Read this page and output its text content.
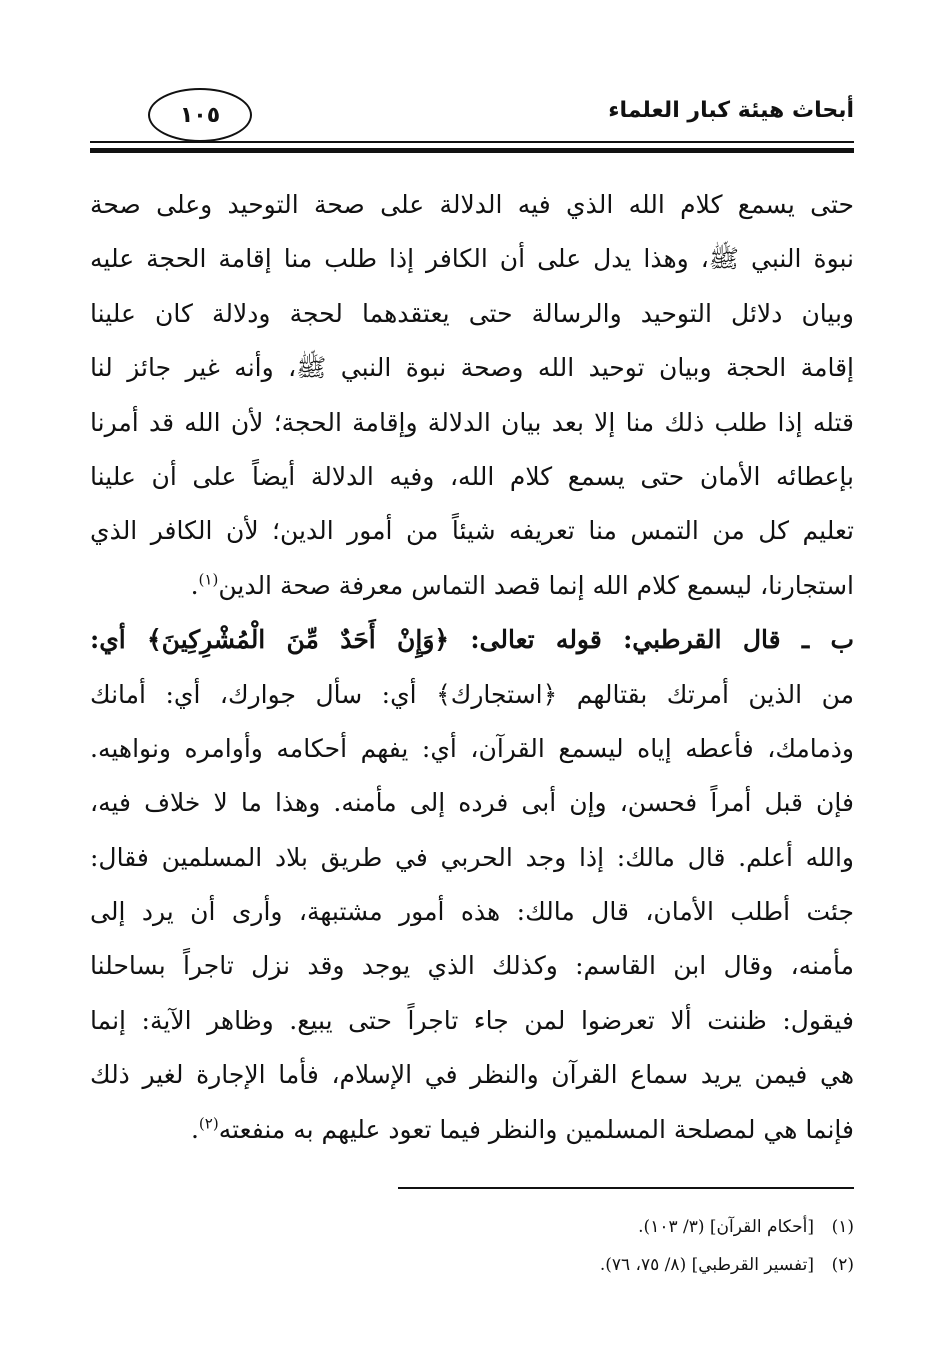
١٠٥	أبحاث هيئة كبار العلماء
حتى يسمع كلام الله الذي فيه الدلالة على صحة التوحيد وعلى صحة
نبوة النبي ﷺ، وهذا يدل على أن الكافر إذا طلب منا إقامة الحجة عليه
وبيان دلائل التوحيد والرسالة حتى يعتقدهما لحجة ودلالة كان علينا
إقامة الحجة وبيان توحيد الله وصحة نبوة النبي ﷺ، وأنه غير جائز لنا
قتله إذا طلب ذلك منا إلا بعد بيان الدلالة وإقامة الحجة؛ لأن الله قد أمرنا
بإعطائه الأمان حتى يسمع كلام الله، وفيه الدلالة أيضاً على أن علينا
تعليم كل من التمس منا تعريفه شيئاً من أمور الدين؛ لأن الكافر الذي
استجارنا، ليسمع كلام الله إنما قصد التماس معرفة صحة الدين$^{(١)}$.
ب ـ قال القرطبي: قوله تعالى: ﴿وَإِنْ أَحَدٌ مِّنَ الْمُشْرِكِينَ﴾ أي:
من الذين أمرتك بقتالهم ﴿استجارك﴾ أي: سأل جوارك، أي: أمانك
وذمامك، فأعطه إياه ليسمع القرآن، أي: يفهم أحكامه وأوامره ونواهيه.
فإن قبل أمراً فحسن، وإن أبى فرده إلى مأمنه. وهذا ما لا خلاف فيه،
والله أعلم. قال مالك: إذا وجد الحربي في طريق بلاد المسلمين فقال:
جئت أطلب الأمان، قال مالك: هذه أمور مشتبهة، وأرى أن يرد إلى
مأمنه، وقال ابن القاسم: وكذلك الذي يوجد وقد نزل تاجراً بساحلنا
فيقول: ظننت ألا تعرضوا لمن جاء تاجراً حتى يبيع. وظاهر الآية: إنما
هي فيمن يريد سماع القرآن والنظر في الإسلام، فأما الإجارة لغير ذلك
فإنما هي لمصلحة المسلمين والنظر فيما تعود عليهم به منفعته$^{(٢)}$.
(١)[أحكام القرآن] (٣/ ١٠٣).
(٢)[تفسير القرطبي] (٨/ ٧٥، ٧٦).
